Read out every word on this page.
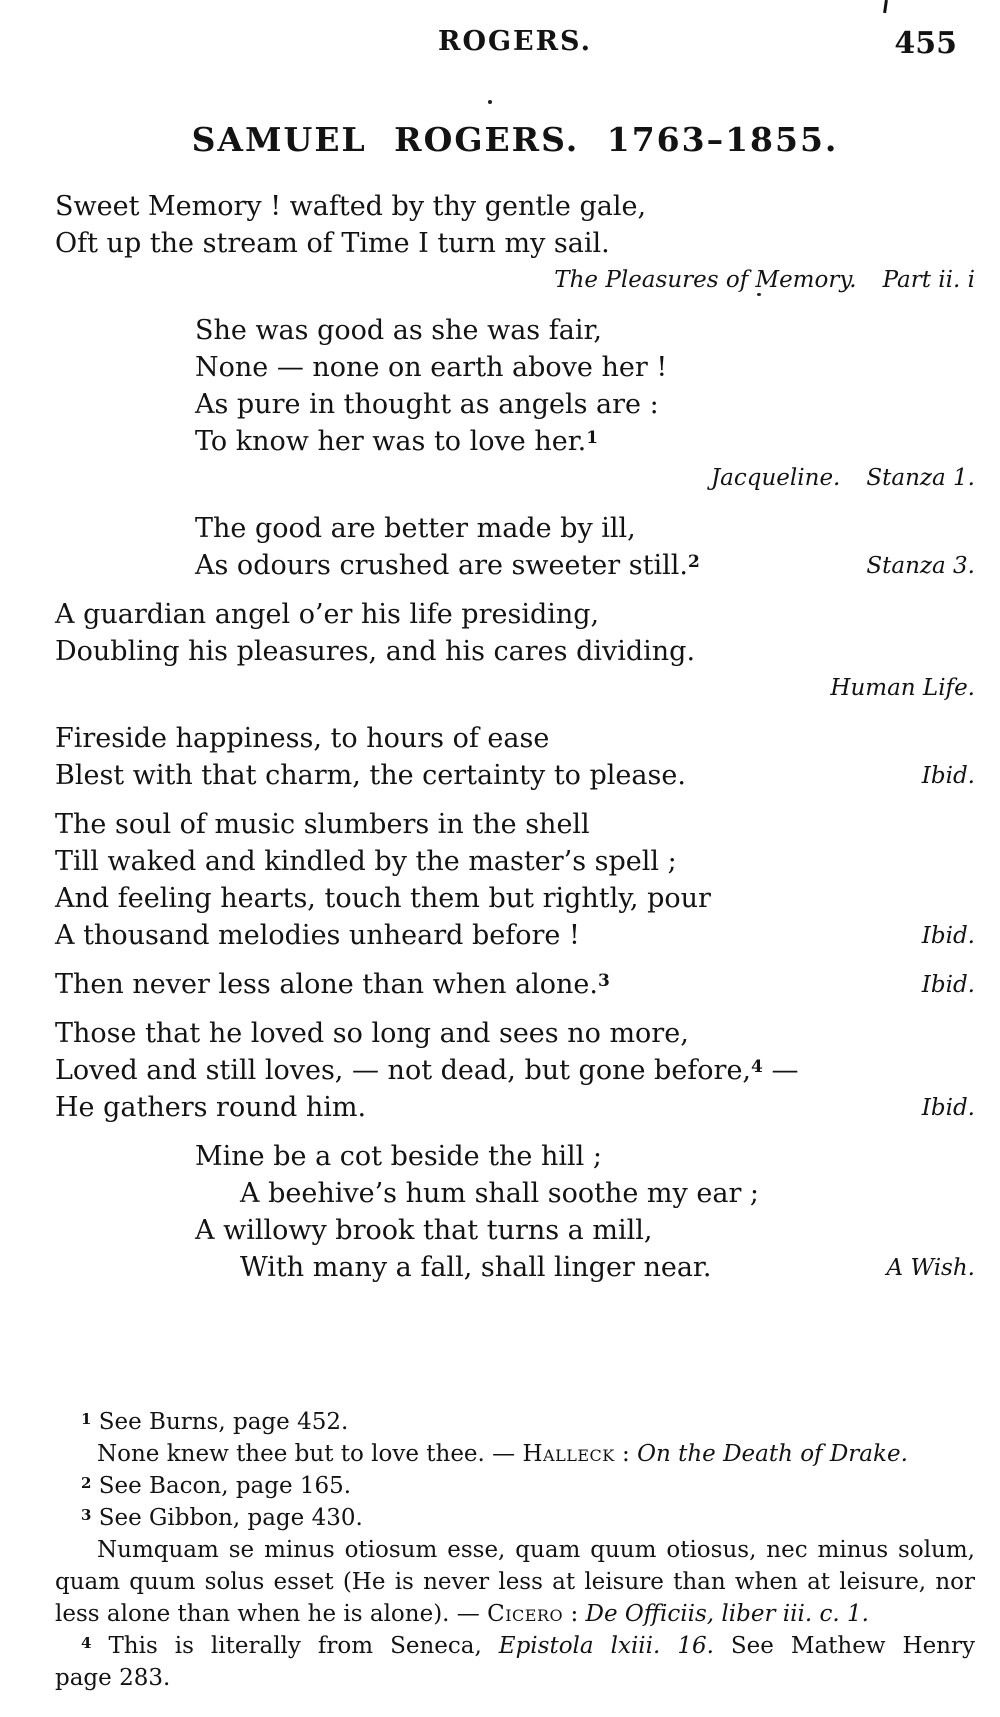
ROGERS.	455
SAMUEL ROGERS. 1763–1855.
Sweet Memory ! wafted by thy gentle gale,
Oft up the stream of Time I turn my sail.
The Pleasures of Memory. Part ii. i
She was good as she was fair,
None — none on earth above her !
As pure in thought as angels are :
To know her was to love her.$^1$
Jacqueline. Stanza 1.
The good are better made by ill,
As odours crushed are sweeter still.$^2$	Stanza 3.
A guardian angel o’er his life presiding,
Doubling his pleasures, and his cares dividing.
Human Life.
Fireside happiness, to hours of ease
Blest with that charm, the certainty to please.	Ibid.
The soul of music slumbers in the shell
Till waked and kindled by the master’s spell ;
And feeling hearts, touch them but rightly, pour
A thousand melodies unheard before !	Ibid.
Then never less alone than when alone.$^3$	Ibid.
Those that he loved so long and sees no more,
Loved and still loves, — not dead, but gone before,$^4$ —
He gathers round him.	Ibid.
Mine be a cot beside the hill ;
A beehive’s hum shall soothe my ear ;
A willowy brook that turns a mill,
With many a fall, shall linger near.	A Wish.
$^1$ See Burns, page 452.
None knew thee but to love thee. — Halleck : On the Death of Drake.
$^2$ See Bacon, page 165.
$^3$ See Gibbon, page 430.
Numquam se minus otiosum esse, quam quum otiosus, nec minus solum,
quam quum solus esset (He is never less at leisure than when at leisure, nor
less alone than when he is alone). — Cicero : De Officiis, liber iii. c. 1.
$^4$ This is literally from Seneca, Epistola lxiii. 16. See Mathew Henry
page 283.
